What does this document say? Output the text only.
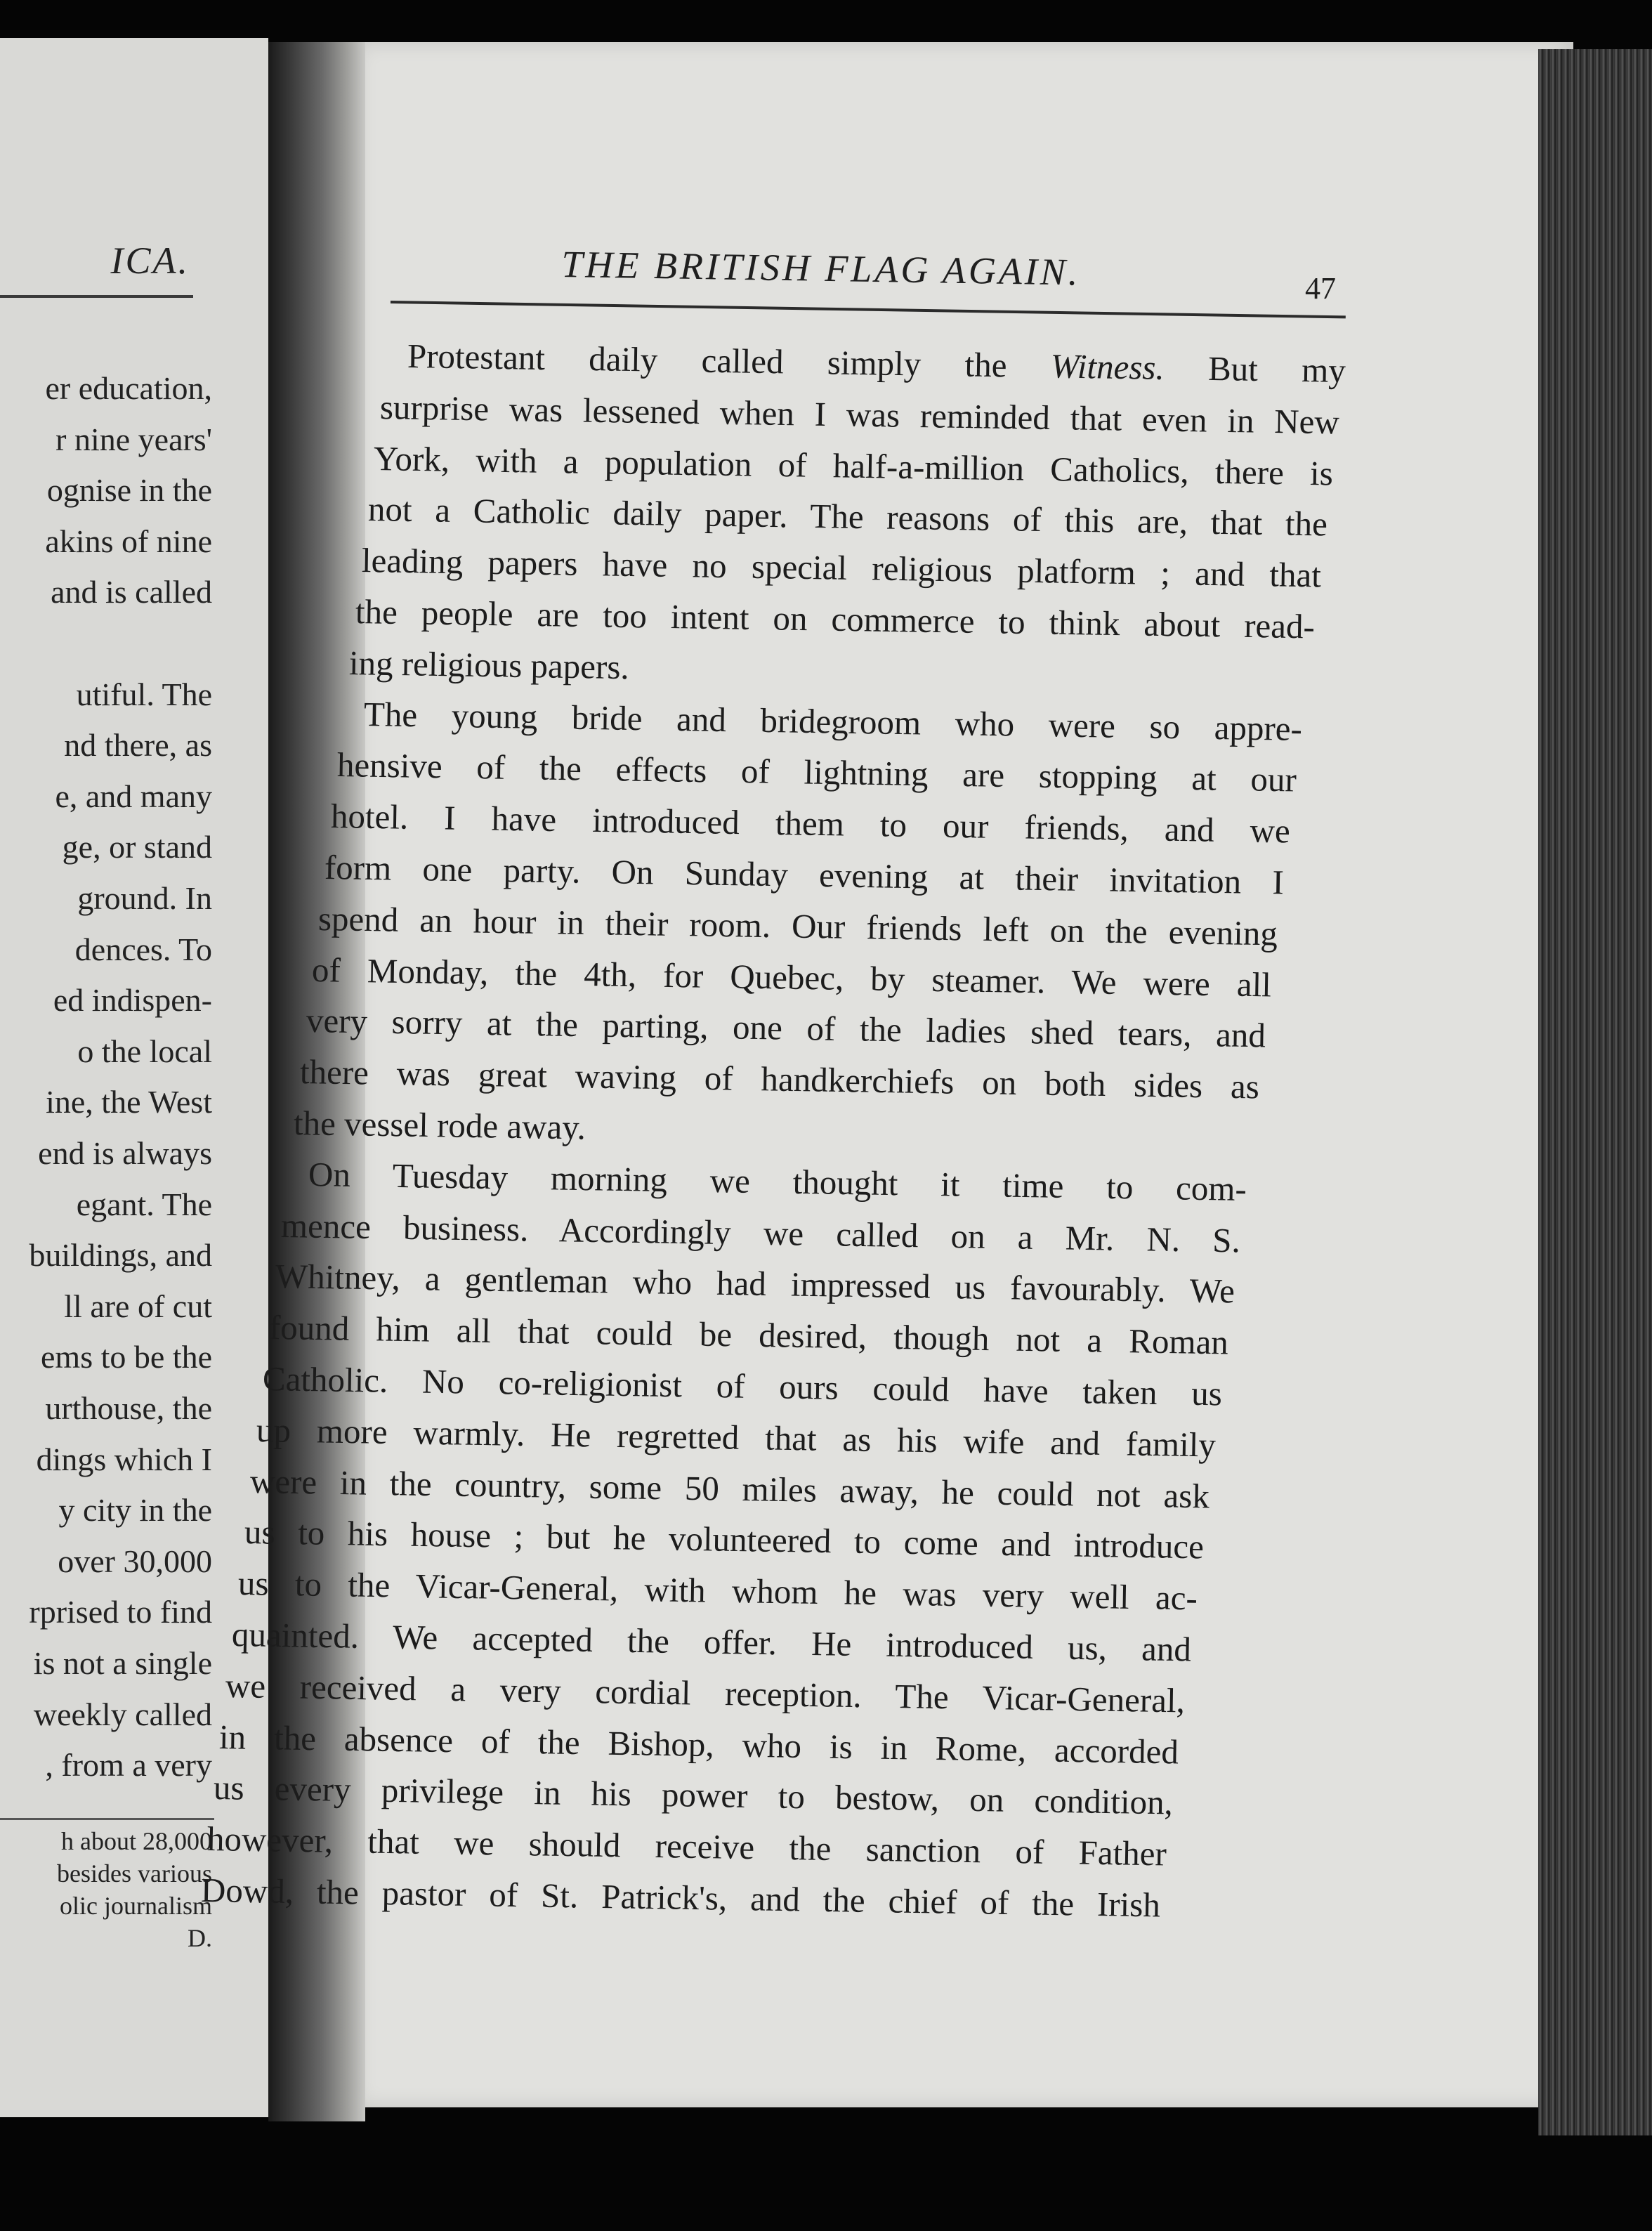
ICA.
er education,
r nine years'
ognise in the
akins of nine
and is called
utiful. The
nd there, as
e, and many
ge, or stand
ground. In
dences. To
ed indispen-
o the local
ine, the West
end is always
egant. The
buildings, and
ll are of cut
ems to be the
urthouse, the
dings which I
y city in the
over 30,000
rprised to find
is not a single
weekly called
, from a very
h about 28,000
besides various
olic journalism
D.
THE BRITISH FLAG AGAIN.	47
Protestant daily called simply the Witness. But my
surprise was lessened when I was reminded that even in New
York, with a population of half-a-million Catholics, there is
not a Catholic daily paper. The reasons of this are, that the
leading papers have no special religious platform ; and that
the people are too intent on commerce to think about read-
ing religious papers.
The young bride and bridegroom who were so appre-
hensive of the effects of lightning are stopping at our
hotel. I have introduced them to our friends, and we
form one party. On Sunday evening at their invitation I
spend an hour in their room. Our friends left on the evening
of Monday, the 4th, for Quebec, by steamer. We were all
very sorry at the parting, one of the ladies shed tears, and
there was great waving of handkerchiefs on both sides as
the vessel rode away.
On Tuesday morning we thought it time to com-
mence business. Accordingly we called on a Mr. N. S.
Whitney, a gentleman who had impressed us favourably. We
found him all that could be desired, though not a Roman
Catholic. No co-religionist of ours could have taken us
up more warmly. He regretted that as his wife and family
were in the country, some 50 miles away, he could not ask
us to his house ; but he volunteered to come and introduce
us to the Vicar-General, with whom he was very well ac-
quainted. We accepted the offer. He introduced us, and
we received a very cordial reception. The Vicar-General,
in the absence of the Bishop, who is in Rome, accorded
us every privilege in his power to bestow, on condition,
however, that we should receive the sanction of Father
Dowd, the pastor of St. Patrick's, and the chief of the Irish
